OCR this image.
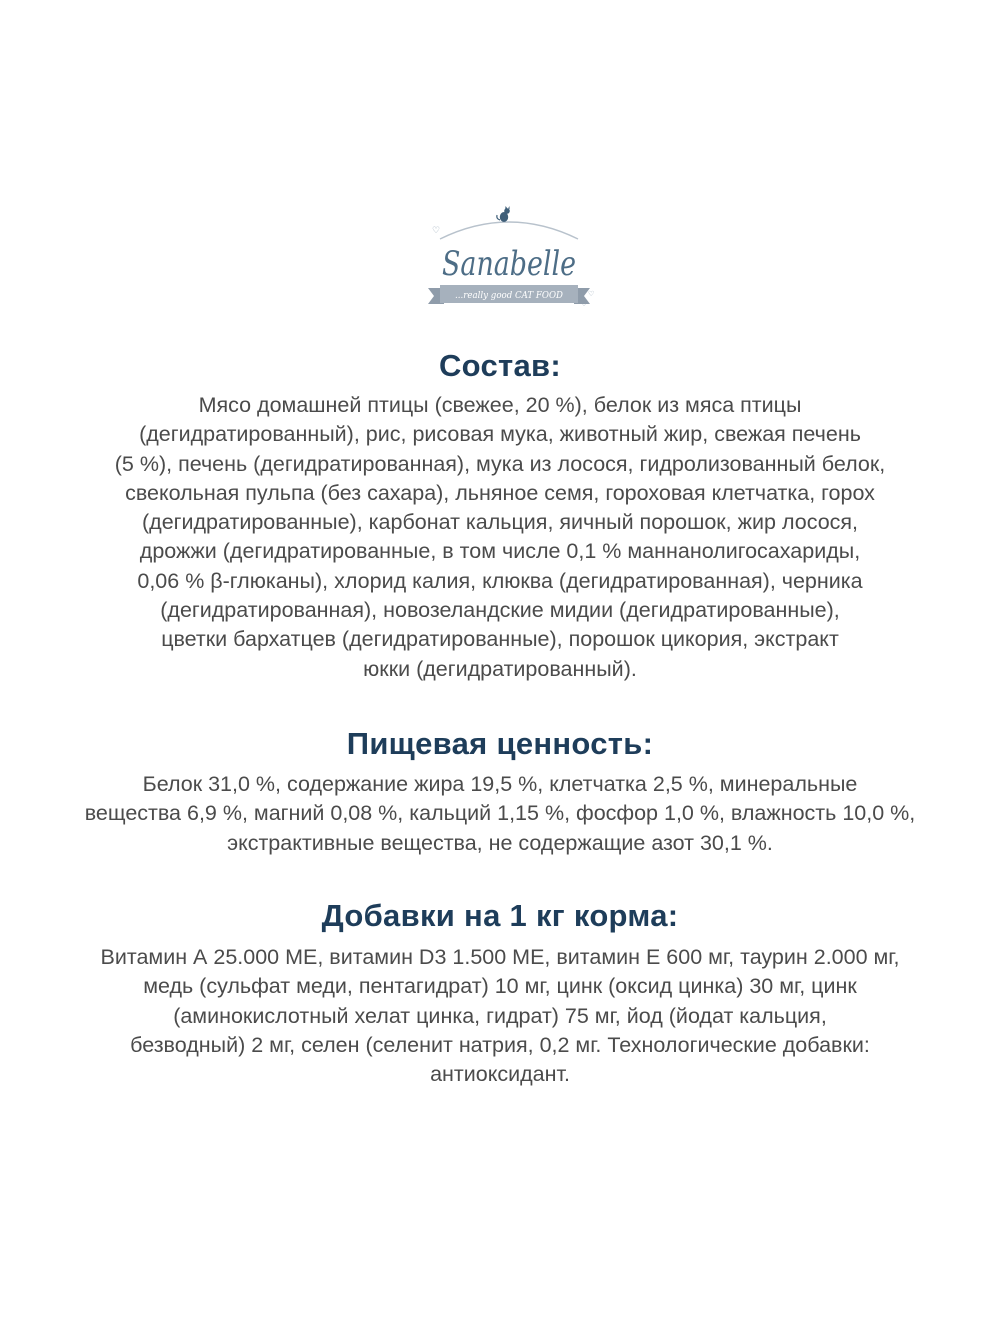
♡
♡
Sanabelle
...really good CAT FOOD
Состав:
Мясо домашней птицы (свежее, 20 %), белок из мяса птицы
(дегидратированный), рис, рисовая мука, животный жир, свежая печень
(5 %), печень (дегидратированная), мука из лосося, гидролизованный белок,
свекольная пульпа (без сахара), льняное семя, гороховая клетчатка, горох
(дегидратированные), карбонат кальция, яичный порошок, жир лосося,
дрожжи (дегидратированные, в том числе 0,1 % маннанолигосахариды,
0,06 % β-глюканы), хлорид калия, клюква (дегидратированная), черника
(дегидратированная), новозеландские мидии (дегидратированные),
цветки бархатцев (дегидратированные), порошок цикория, экстракт
юкки (дегидратированный).
Пищевая ценность:
Белок 31,0 %, содержание жира 19,5 %, клетчатка 2,5 %, минеральные
вещества 6,9 %, магний 0,08 %, кальций 1,15 %, фосфор 1,0 %, влажность 10,0 %,
экстрактивные вещества, не содержащие азот 30,1 %.
Добавки на 1 кг корма:
Витамин А 25.000 МЕ, витамин D3 1.500 МЕ, витамин Е 600 мг, таурин 2.000 мг,
медь (сульфат меди, пентагидрат) 10 мг, цинк (оксид цинка) 30 мг, цинк
(аминокислотный хелат цинка, гидрат) 75 мг, йод (йодат кальция,
безводный) 2 мг, селен (селенит натрия, 0,2 мг. Технологические добавки:
антиоксидант.
